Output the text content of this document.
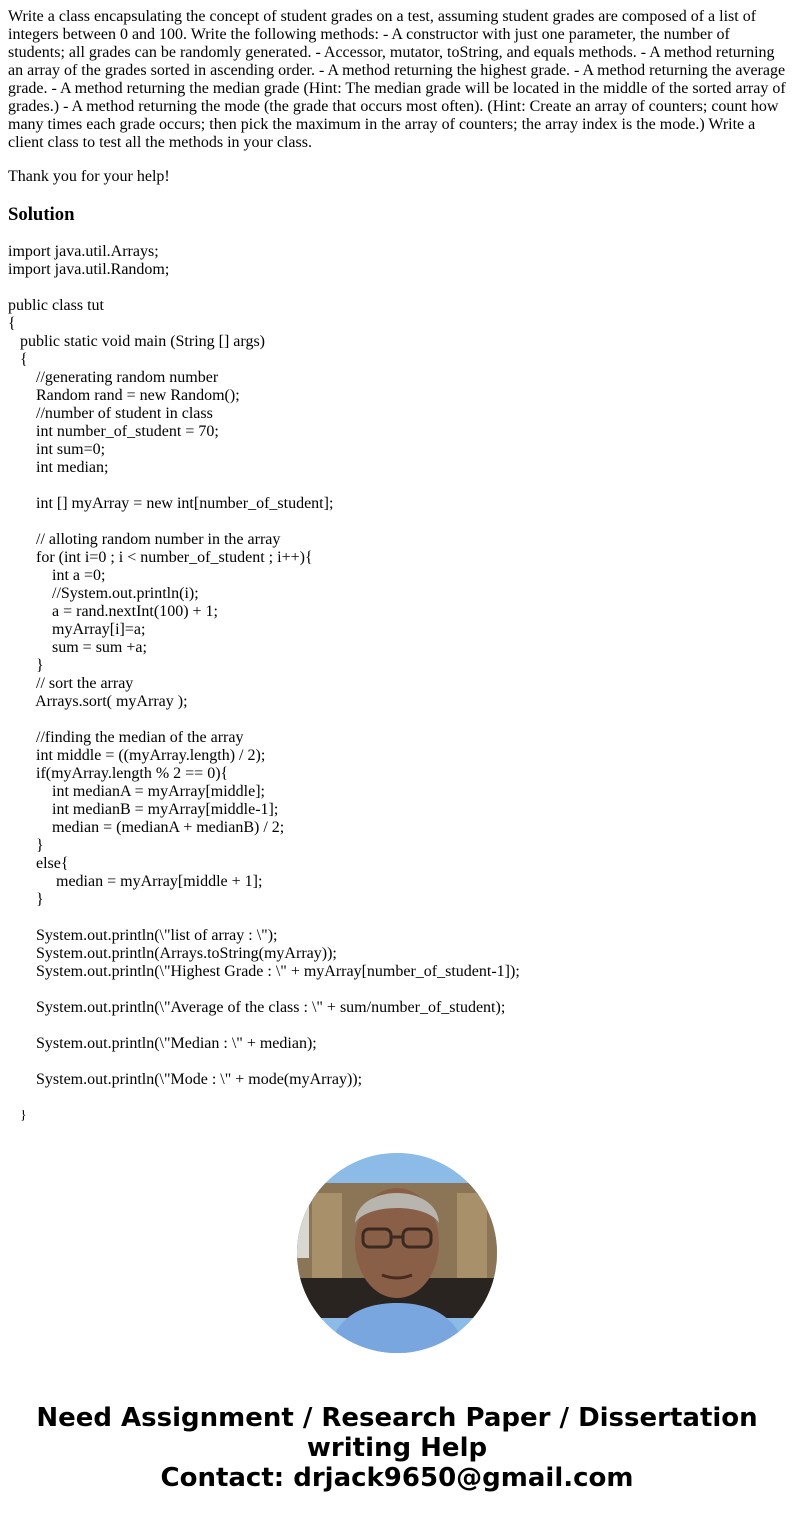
Write a class encapsulating the concept of student grades on a test, assuming student grades are composed of a list of integers between 0 and 100. Write the following methods: - A constructor with just one parameter, the number of students; all grades can be randomly generated. - Accessor, mutator, toString, and equals methods. - A method returning an array of the grades sorted in ascending order. - A method returning the highest grade. - A method returning the average grade. - A method returning the median grade (Hint: The median grade will be located in the middle of the sorted array of grades.) - A method returning the mode (the grade that occurs most often). (Hint: Create an array of counters; count how many times each grade occurs; then pick the maximum in the array of counters; the array index is the mode.) Write a client class to test all the methods in your class.

Thank you for your help!

Solution
import java.util.Arrays;
import java.util.Random;

public class tut
{
public static void main (String [] args)
{
//generating random number
Random rand = new Random();
//number of student in class
int number_of_student = 70;
int sum=0;
int median;

int [] myArray = new int[number_of_student];

// alloting random number in the array
for (int i=0 ; i < number_of_student ; i++){
int a =0;
//System.out.println(i);
a = rand.nextInt(100) + 1;
myArray[i]=a;
sum = sum +a;
}
// sort the array
Arrays.sort( myArray );

//finding the median of the array
int middle = ((myArray.length) / 2);
if(myArray.length % 2 == 0){
int medianA = myArray[middle];
int medianB = myArray[middle-1];
median = (medianA + medianB) / 2;
}
else{
median = myArray[middle + 1];
}

System.out.println(\"list of array : \");
System.out.println(Arrays.toString(myArray));
System.out.println(\"Highest Grade : \" + myArray[number_of_student-1]);

System.out.println(\"Average of the class : \" + sum/number_of_student);

System.out.println(\"Median : \" + median);

System.out.println(\"Mode : \" + mode(myArray));
}
Need Assignment / Research Paper / Dissertation
writing Help
Contact: drjack9650@gmail.com
